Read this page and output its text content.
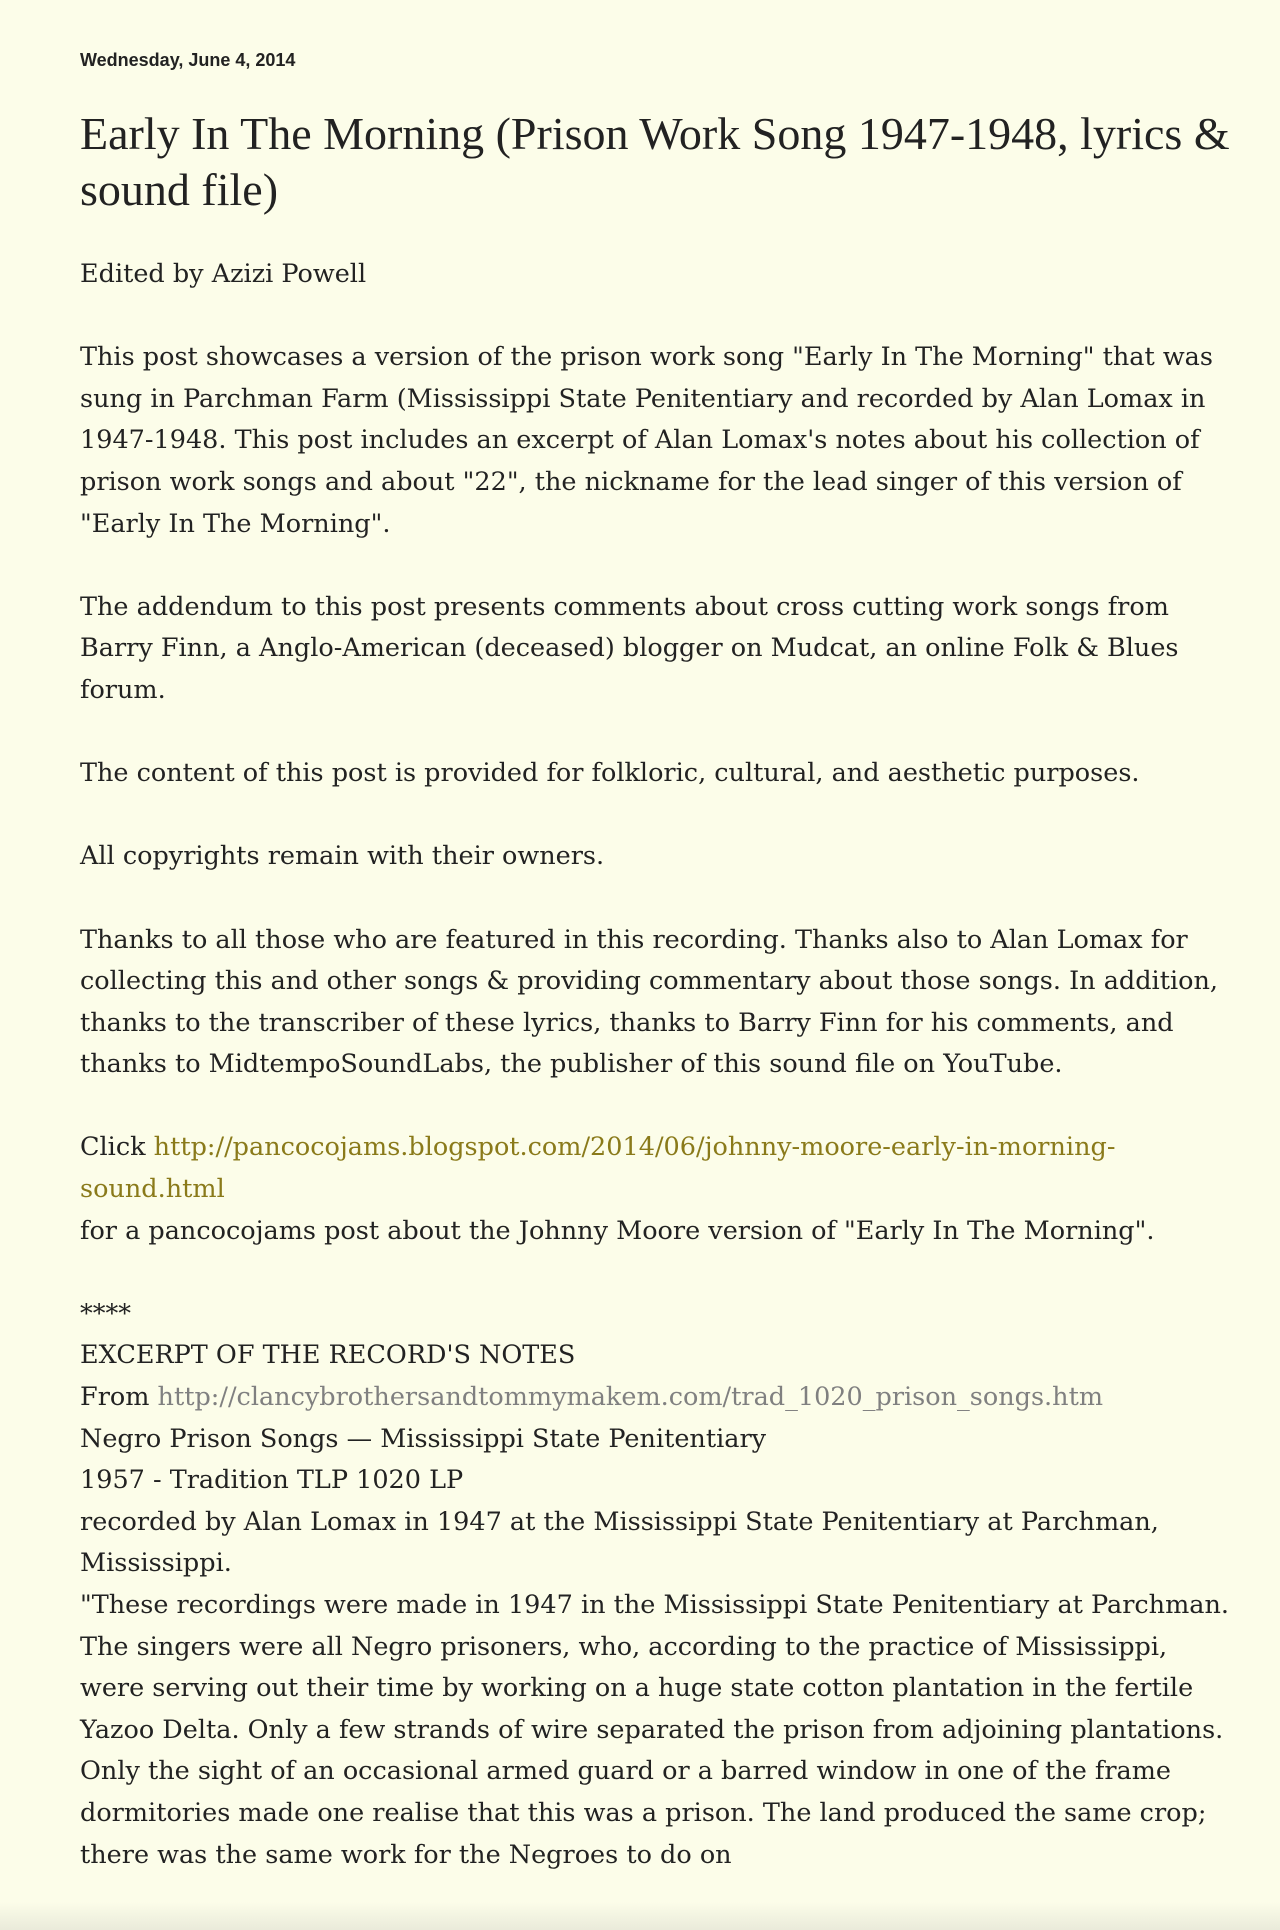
Wednesday, June 4, 2014
Early In The Morning (Prison Work Song 1947-1948, lyrics & sound file)

Edited by Azizi Powell

This post showcases a version of the prison work song "Early In The Morning" that was sung in Parchman Farm (Mississippi State Penitentiary and recorded by Alan Lomax in 1947-1948. This post includes an excerpt of Alan Lomax's notes about his collection of prison work songs and about "22", the nickname for the lead singer of this version of "Early In The Morning".

The addendum to this post presents comments about cross cutting work songs from Barry Finn, a Anglo-American (deceased) blogger on Mudcat, an online Folk & Blues forum.

The content of this post is provided for folkloric, cultural, and aesthetic purposes.

All copyrights remain with their owners.

Thanks to all those who are featured in this recording. Thanks also to Alan Lomax for collecting this and other songs & providing commentary about those songs. In addition, thanks to the transcriber of these lyrics, thanks to Barry Finn for his comments, and thanks to MidtempoSoundLabs, the publisher of this sound file on YouTube.

Click http://pancocojams.blogspot.com/2014/06/johnny-moore-early-in-morning-sound.html
for a pancocojams post about the Johnny Moore version of "Early In The Morning".

****

EXCERPT OF THE RECORD'S NOTES

From http://clancybrothersandtommymakem.com/trad_1020_prison_songs.htm

Negro Prison Songs — Mississippi State Penitentiary

1957 - Tradition TLP 1020 LP

recorded by Alan Lomax in 1947 at the Mississippi State Penitentiary at Parchman, Mississippi.

"These recordings were made in 1947 in the Mississippi State Penitentiary at Parchman. The singers were all Negro prisoners, who, according to the practice of Mississippi, were serving out their time by working on a huge state cotton plantation in the fertile Yazoo Delta. Only a few strands of wire separated the prison from adjoining plantations. Only the sight of an occasional armed guard or a barred window in one of the frame dormitories made one realise that this was a prison. The land produced the same crop; there was the same work for the Negroes to do on
